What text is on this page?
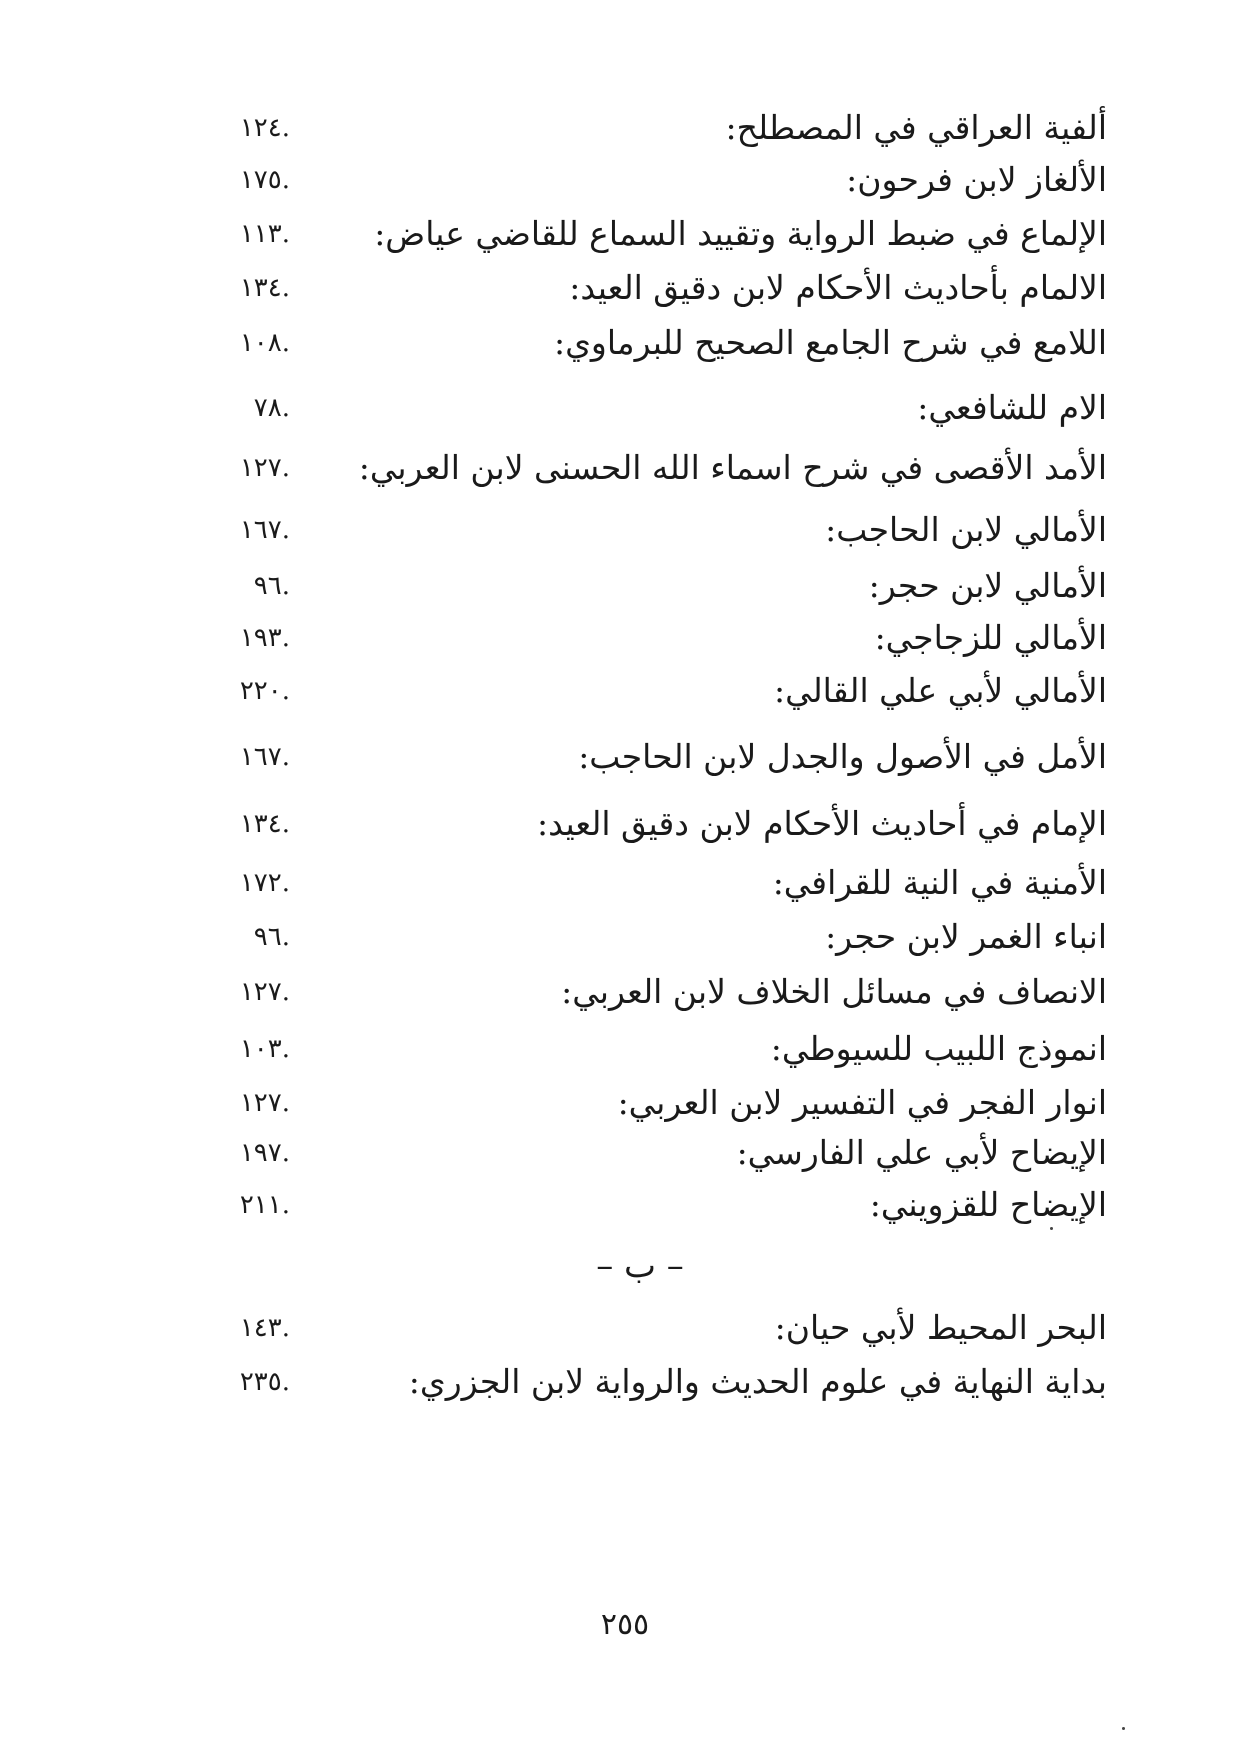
ألفية العراقي في المصطلح:
.١٢٤
الألغاز لابن فرحون:
.١٧٥
الإلماع في ضبط الرواية وتقييد السماع للقاضي عياض:
.١١٣
الالمام بأحاديث الأحكام لابن دقيق العيد:
.١٣٤
اللامع في شرح الجامع الصحيح للبرماوي:
.١٠٨
الام للشافعي:
.٧٨
الأمد الأقصى في شرح اسماء الله الحسنى لابن العربي:
.١٢٧
الأمالي لابن الحاجب:
.١٦٧
الأمالي لابن حجر:
.٩٦
الأمالي للزجاجي:
.١٩٣
الأمالي لأبي علي القالي:
.٢٢٠
الأمل في الأصول والجدل لابن الحاجب:
.١٦٧
الإمام في أحاديث الأحكام لابن دقيق العيد:
.١٣٤
الأمنية في النية للقرافي:
.١٧٢
انباء الغمر لابن حجر:
.٩٦
الانصاف في مسائل الخلاف لابن العربي:
.١٢٧
انموذج اللبيب للسيوطي:
.١٠٣
انوار الفجر في التفسير لابن العربي:
.١٢٧
الإيضاح لأبي علي الفارسي:
.١٩٧
الإيضاح للقزويني:
.٢١١
– ب –
البحر المحيط لأبي حيان:
.١٤٣
بداية النهاية في علوم الحديث والرواية لابن الجزري:
.٢٣٥
٢٥٥
